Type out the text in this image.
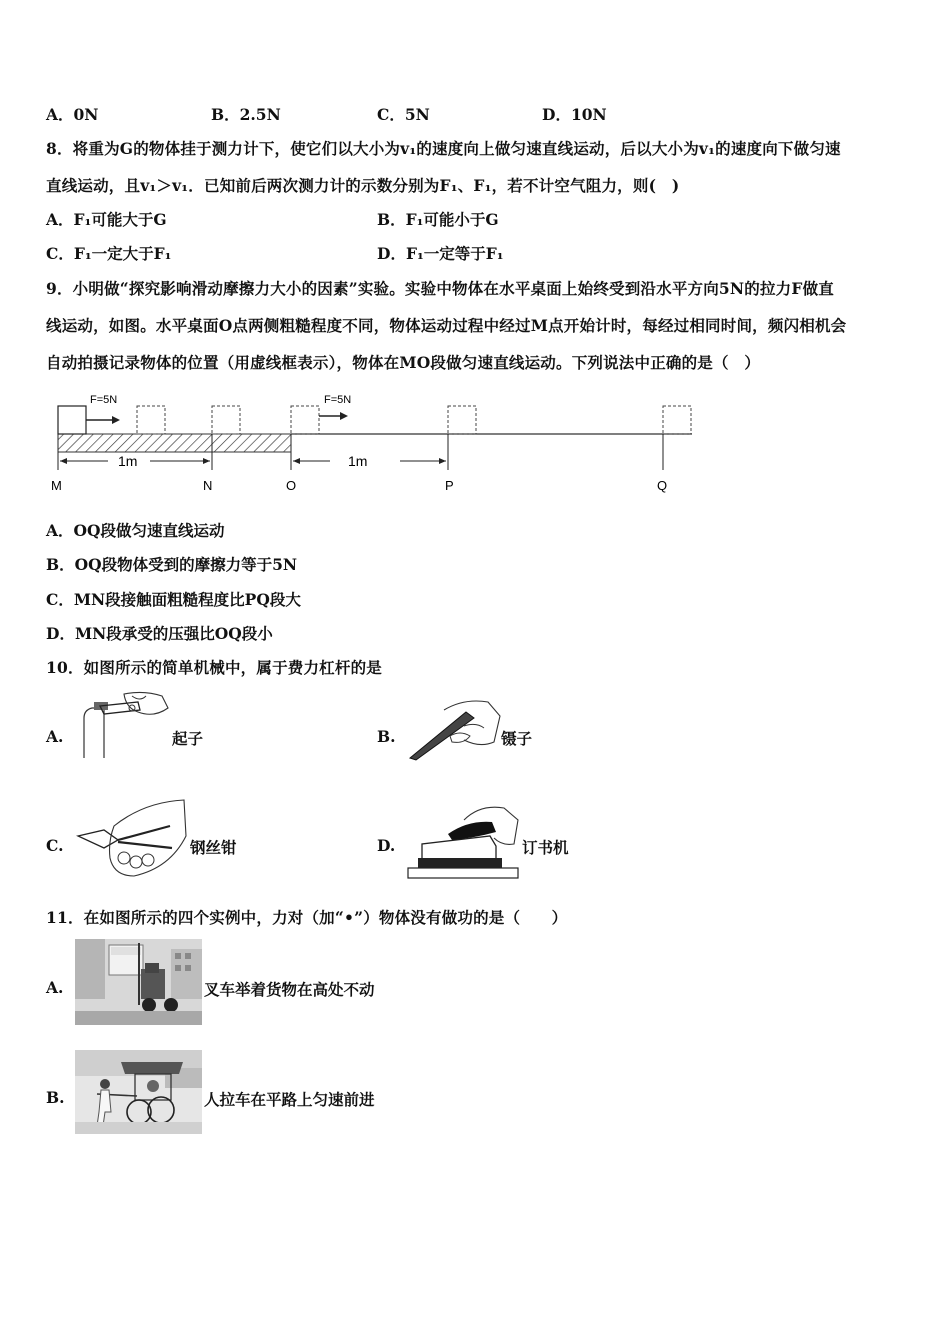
A．0N	B．2.5N	C．5N	D．10N
8．将重为G的物体挂于测力计下，使它们以大小为v₁的速度向上做匀速直线运动，后以大小为v₁的速度向下做匀速
直线运动，且v₁＞v₁．已知前后两次测力计的示数分别为F₁、F₁，若不计空气阻力，则(　)
A．F₁可能大于G	B．F₁可能小于G
C．F₁一定大于F₁	D．F₁一定等于F₁
9．小明做“探究影响滑动摩擦力大小的因素”实验。实验中物体在水平桌面上始终受到沿水平方向5N的拉力F做直
线运动，如图。水平桌面O点两侧粗糙程度不同，物体运动过程中经过M点开始计时，每经过相同时间，频闪相机会
自动拍摄记录物体的位置（用虚线框表示），物体在MO段做匀速直线运动。下列说法中正确的是（　）
F=5N	F=5N
1m	1m
M	N	O	P	Q
A．OQ段做匀速直线运动
B．OQ段物体受到的摩擦力等于5N
C．MN段接触面粗糙程度比PQ段大
D．MN段承受的压强比OQ段小
10．如图所示的简单机械中，属于费力杠杆的是
A.	起子	B.	镊子
C.	钢丝钳	D.	订书机
11．在如图所示的四个实例中，力对（加“•”）物体没有做功的是（　　）
A.	叉车举着货物在高处不动
B.	人拉车在平路上匀速前进
